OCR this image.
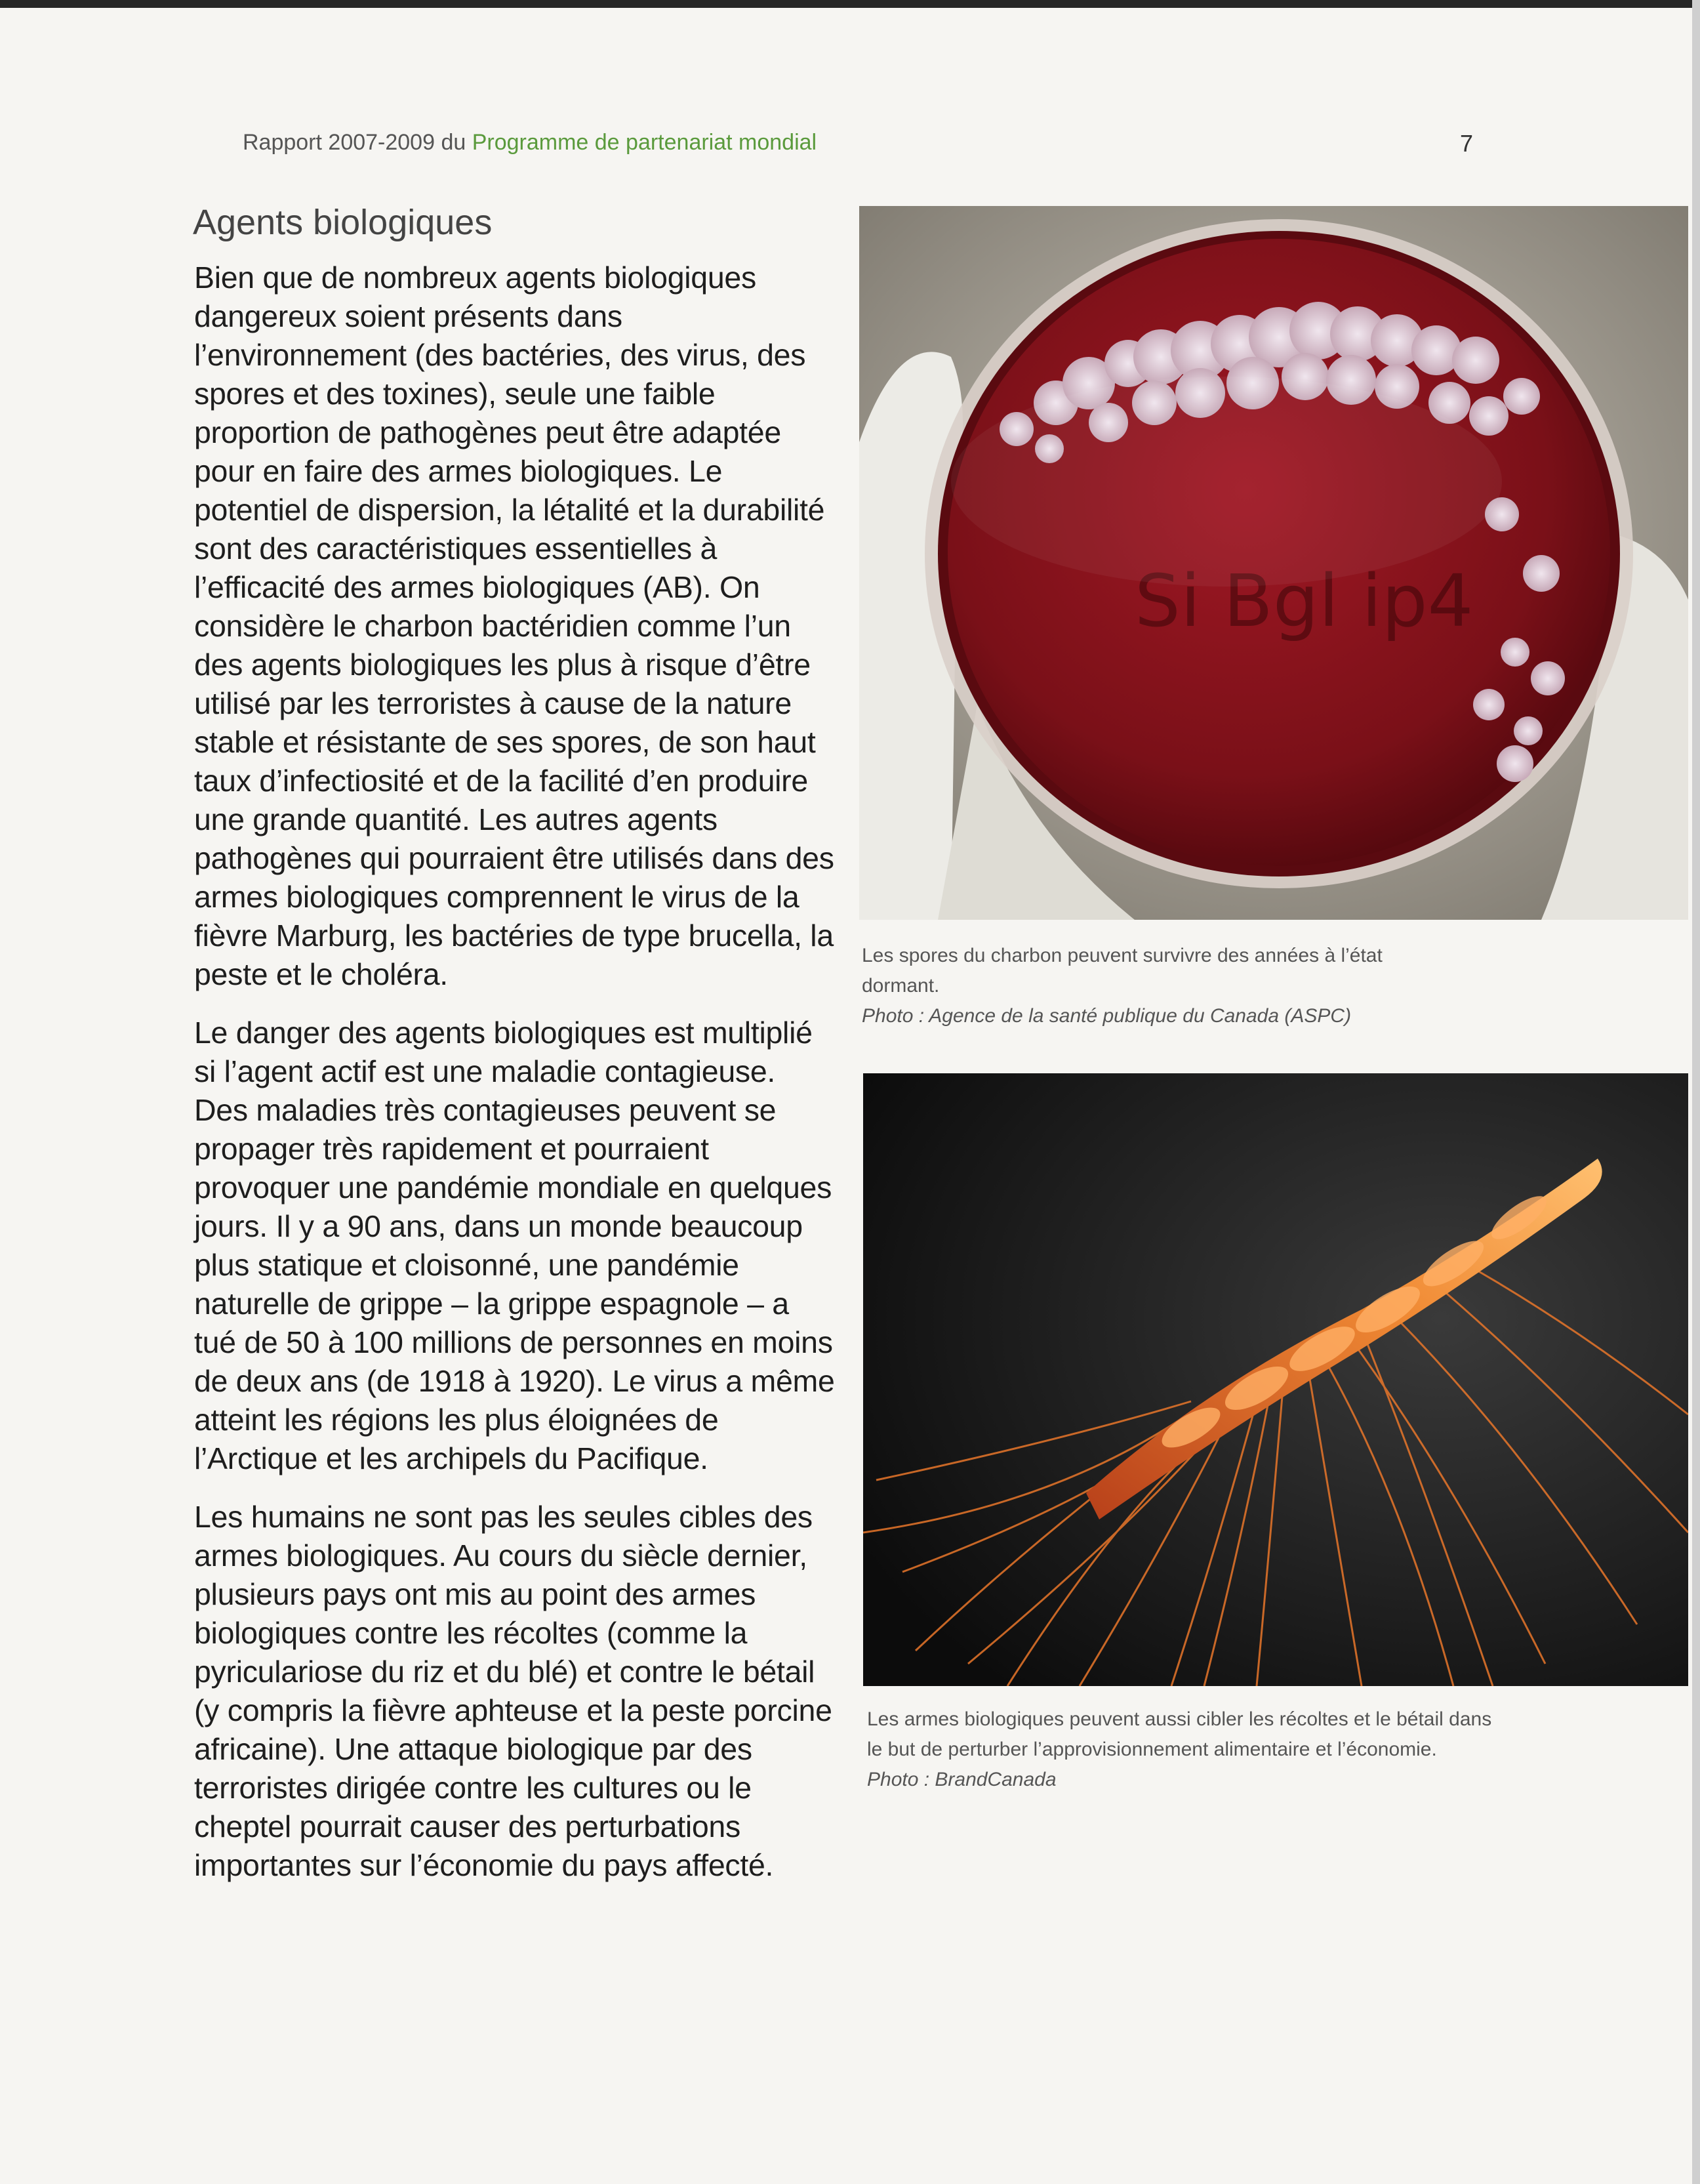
Rapport 2007-2009 du Programme de partenariat mondial	7
Agents biologiques

Bien que de nombreux agents biologiques dangereux soient présents dans l’environnement (des bactéries, des virus, des spores et des toxines), seule une faible proportion de pathogènes peut être adaptée pour en faire des armes biologiques. Le potentiel de dispersion, la létalité et la durabilité sont des caractéristiques essentielles à l’efficacité des armes biologiques (AB). On considère le charbon bactéridien comme l’un des agents biologiques les plus à risque d’être utilisé par les terroristes à cause de la nature stable et résistante de ses spores, de son haut taux d’infectiosité et de la facilité d’en produire une grande quantité. Les autres agents pathogènes qui pourraient être utilisés dans des armes biologiques comprennent le virus de la fièvre Marburg, les bactéries de type brucella, la peste et le choléra.

Le danger des agents biologiques est multiplié si l’agent actif est une maladie contagieuse. Des maladies très contagieuses peuvent se propager très rapidement et pourraient provoquer une pandémie mondiale en quelques jours. Il y a 90 ans, dans un monde beaucoup plus statique et cloisonné, une pandémie naturelle de grippe – la grippe espagnole – a tué de 50 à 100 millions de personnes en moins de deux ans (de 1918 à 1920). Le virus a même atteint les régions les plus éloignées de l’Arctique et les archipels du Pacifique.

Les humains ne sont pas les seules cibles des armes biologiques. Au cours du siècle dernier, plusieurs pays ont mis au point des armes biologiques contre les récoltes (comme la pyriculariose du riz et du blé) et contre le bétail (y compris la fièvre aphteuse et la peste porcine africaine). Une attaque biologique par des terroristes dirigée contre les cultures ou le cheptel pourrait causer des perturbations importantes sur l’économie du pays affecté.

Si Bgl ip4
Les spores du charbon peuvent survivre des années à l’état dormant.
Photo : Agence de la santé publique du Canada (ASPC)
Les armes biologiques peuvent aussi cibler les récoltes et le bétail dans le but de perturber l’approvisionnement alimentaire et l’économie.
Photo : BrandCanada
